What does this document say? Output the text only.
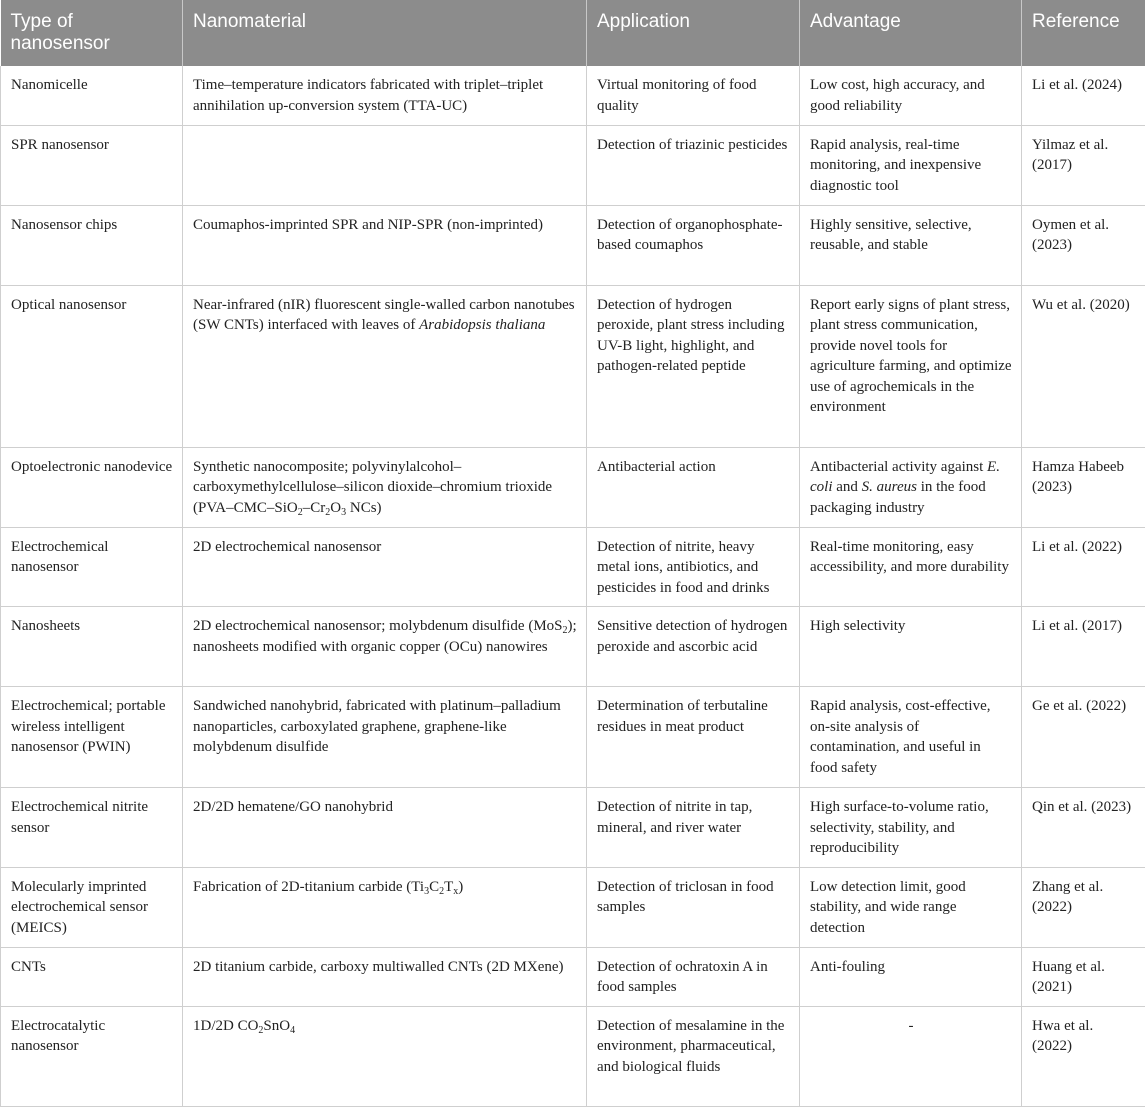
Type of nanosensor	Nanomaterial	Application	Advantage	Reference
Nanomicelle	Time–temperature indicators fabricated with triplet–triplet annihilation up-conversion system (TTA-UC)	Virtual monitoring of food quality	Low cost, high accuracy, and good reliability	Li et al. (2024)
SPR nanosensor		Detection of triazinic pesticides	Rapid analysis, real-time monitoring, and inexpensive diagnostic tool	Yilmaz et al. (2017)
Nanosensor chips	Coumaphos-imprinted SPR and NIP-SPR (non-imprinted)	Detection of organophosphate-based coumaphos	Highly sensitive, selective, reusable, and stable	Oymen et al. (2023)
Optical nanosensor	Near-infrared (nIR) fluorescent single-walled carbon nanotubes (SW CNTs) interfaced with leaves of Arabidopsis thaliana	Detection of hydrogen peroxide, plant stress including UV-B light, highlight, and pathogen-related peptide	Report early signs of plant stress, plant stress communication, provide novel tools for agriculture farming, and optimize use of agrochemicals in the environment	Wu et al. (2020)
Optoelectronic nanodevice	Synthetic nanocomposite; polyvinylalcohol–carboxymethylcellulose–silicon dioxide–chromium trioxide ($PVA-CMC-SiO_2-Cr_2O_3$ NCs)	Antibacterial action	Antibacterial activity against E. coli and S. aureus in the food packaging industry	Hamza Habeeb (2023)
Electrochemical nanosensor	2D electrochemical nanosensor	Detection of nitrite, heavy metal ions, antibiotics, and pesticides in food and drinks	Real-time monitoring, easy accessibility, and more durability	Li et al. (2022)
Nanosheets	2D electrochemical nanosensor; molybdenum disulfide (MoS$_2$); nanosheets modified with organic copper (OCu) nanowires	Sensitive detection of hydrogen peroxide and ascorbic acid	High selectivity	Li et al. (2017)
Electrochemical; portable wireless intelligent nanosensor (PWIN)	Sandwiched nanohybrid, fabricated with platinum–palladium nanoparticles, carboxylated graphene, graphene-like molybdenum disulfide	Determination of terbutaline residues in meat product	Rapid analysis, cost-effective, on-site analysis of contamination, and useful in food safety	Ge et al. (2022)
Electrochemical nitrite sensor	2D/2D hematene/GO nanohybrid	Detection of nitrite in tap, mineral, and river water	High surface-to-volume ratio, selectivity, stability, and reproducibility	Qin et al. (2023)
Molecularly imprinted electrochemical sensor (MEICS)	Fabrication of 2D-titanium carbide $(Ti_3C_2T_x)$	Detection of triclosan in food samples	Low detection limit, good stability, and wide range detection	Zhang et al. (2022)
CNTs	2D titanium carbide, carboxy multiwalled CNTs (2D MXene)	Detection of ochratoxin A in food samples	Anti-fouling	Huang et al. (2021)
Electrocatalytic nanosensor	1D/2D $CO_2SnO_4$	Detection of mesalamine in the environment, pharmaceutical, and biological fluids	-	Hwa et al. (2022)
